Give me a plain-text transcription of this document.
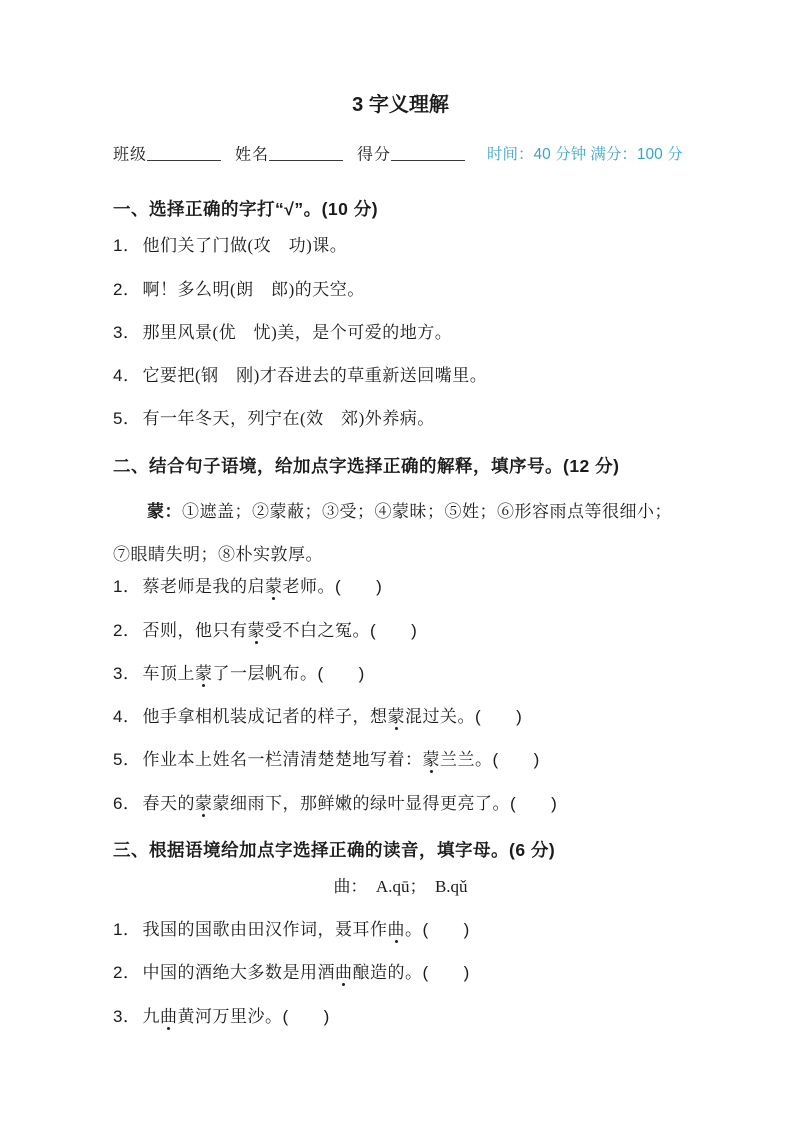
3 字义理解
班级	姓名	得分	时间：40 分钟 满分：100 分
一、选择正确的字打“√”。(10 分)
1． 他们关了门做(攻　功)课。
2． 啊！多么明(朗　郎)的天空。
3． 那里风景(优　忧)美，是个可爱的地方。
4． 它要把(钢　刚)才吞进去的草重新送回嘴里。
5． 有一年冬天，列宁在(效　郊)外养病。
二、结合句子语境，给加点字选择正确的解释，填序号。(12 分)

蒙：①遮盖；②蒙蔽；③受；④蒙昧；⑤姓；⑥形容雨点等很细小；⑦眼睛失明；⑧朴实敦厚。

1． 蔡老师是我的启蒙老师。(　　)
2． 否则，他只有蒙受不白之冤。(　　)
3． 车顶上蒙了一层帆布。(　　)
4． 他手拿相机装成记者的样子，想蒙混过关。(　　)
5． 作业本上姓名一栏清清楚楚地写着：蒙兰兰。(　　)
6． 春天的蒙蒙细雨下，那鲜嫩的绿叶显得更亮了。(　　)
三、根据语境给加点字选择正确的读音，填字母。(6 分)

曲：　A.qū；　B.qǔ

1． 我国的国歌由田汉作词，聂耳作曲。(　　)
2． 中国的酒绝大多数是用酒曲酿造的。(　　)
3． 九曲黄河万里沙。(　　)
